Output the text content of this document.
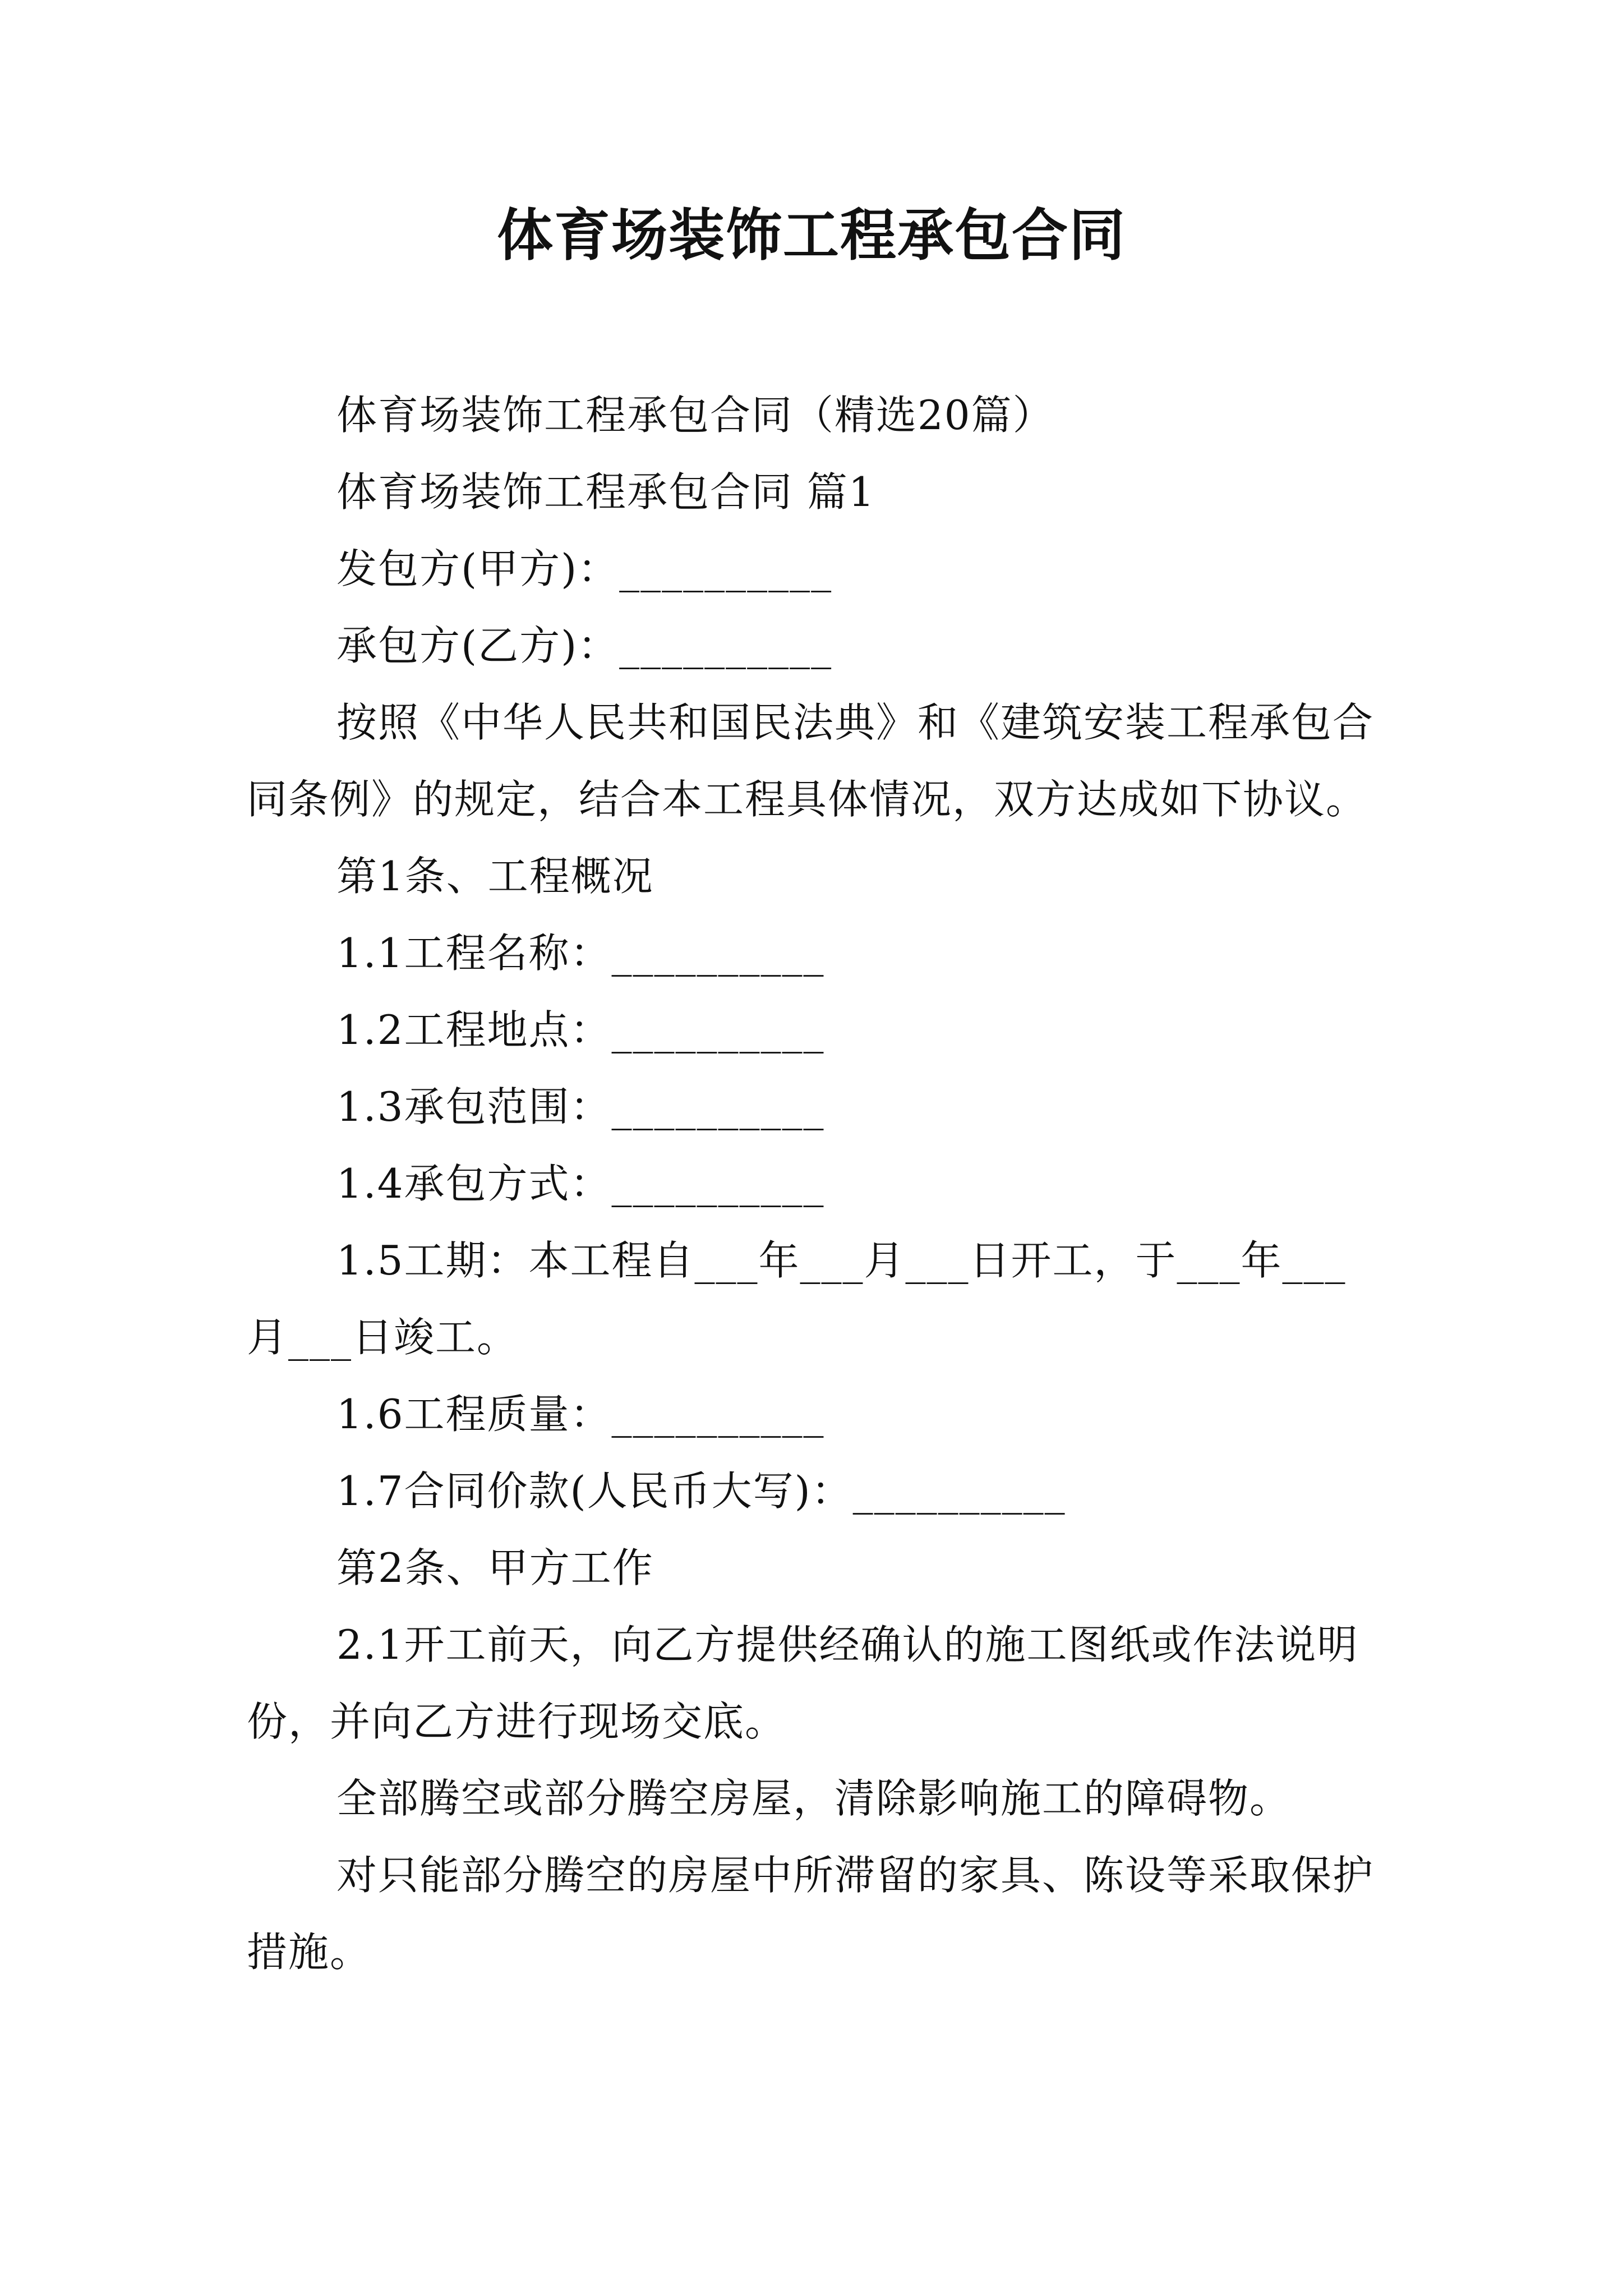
体育场装饰工程承包合同

体育场装饰工程承包合同（精选20篇）

体育场装饰工程承包合同 篇1

发包方(甲方)：__________

承包方(乙方)：__________

按照《中华人民共和国民法典》和《建筑安装工程承包合同条例》的规定，结合本工程具体情况，双方达成如下协议。

第1条、工程概况

1.1工程名称：__________

1.2工程地点：__________

1.3承包范围：__________

1.4承包方式：__________

1.5工期：本工程自___年___月___日开工，于___年___月___日竣工。

1.6工程质量：__________

1.7合同价款(人民币大写)：__________

第2条、甲方工作

2.1开工前天，向乙方提供经确认的施工图纸或作法说明份，并向乙方进行现场交底。

全部腾空或部分腾空房屋，清除影响施工的障碍物。

对只能部分腾空的房屋中所滞留的家具、陈设等采取保护措施。
